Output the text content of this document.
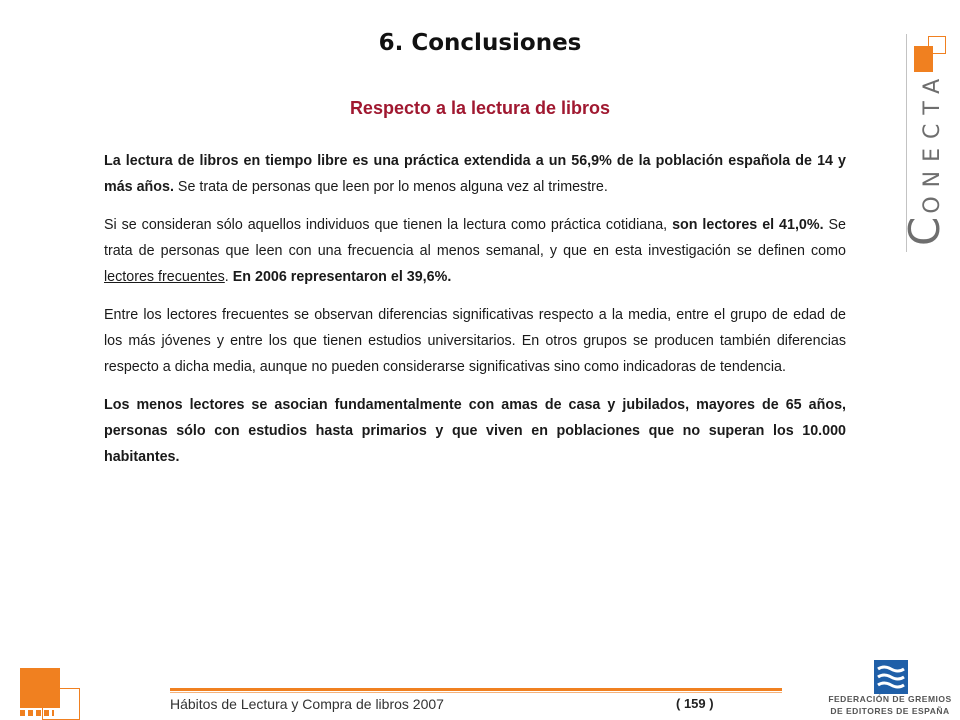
6. Conclusiones
Respecto a la lectura de libros

La lectura de libros en tiempo libre es una práctica extendida a un 56,9% de la población española de 14 y más años. Se trata de personas que leen por lo menos alguna vez al trimestre.

Si se consideran sólo aquellos individuos que tienen la lectura como práctica cotidiana, son lectores el 41,0%. Se trata de personas que leen con una frecuencia al menos semanal, y que en esta investigación se definen como lectores frecuentes. En 2006 representaron el 39,6%.

Entre los lectores frecuentes se observan diferencias significativas respecto a la media, entre el grupo de edad de los más jóvenes y entre los que tienen estudios universitarios. En otros grupos se producen también diferencias respecto a dicha media, aunque no pueden considerarse significativas sino como indicadoras de tendencia.

Los menos lectores se asocian fundamentalmente con amas de casa y jubilados, mayores de 65 años, personas sólo con estudios hasta primarios y que viven en poblaciones que no superan los 10.000 habitantes.

CONECTA
Hábitos de Lectura y Compra de libros 2007	( 159 )	FEDERACIÓN DE GREMIOS
DE EDITORES DE ESPAÑA
